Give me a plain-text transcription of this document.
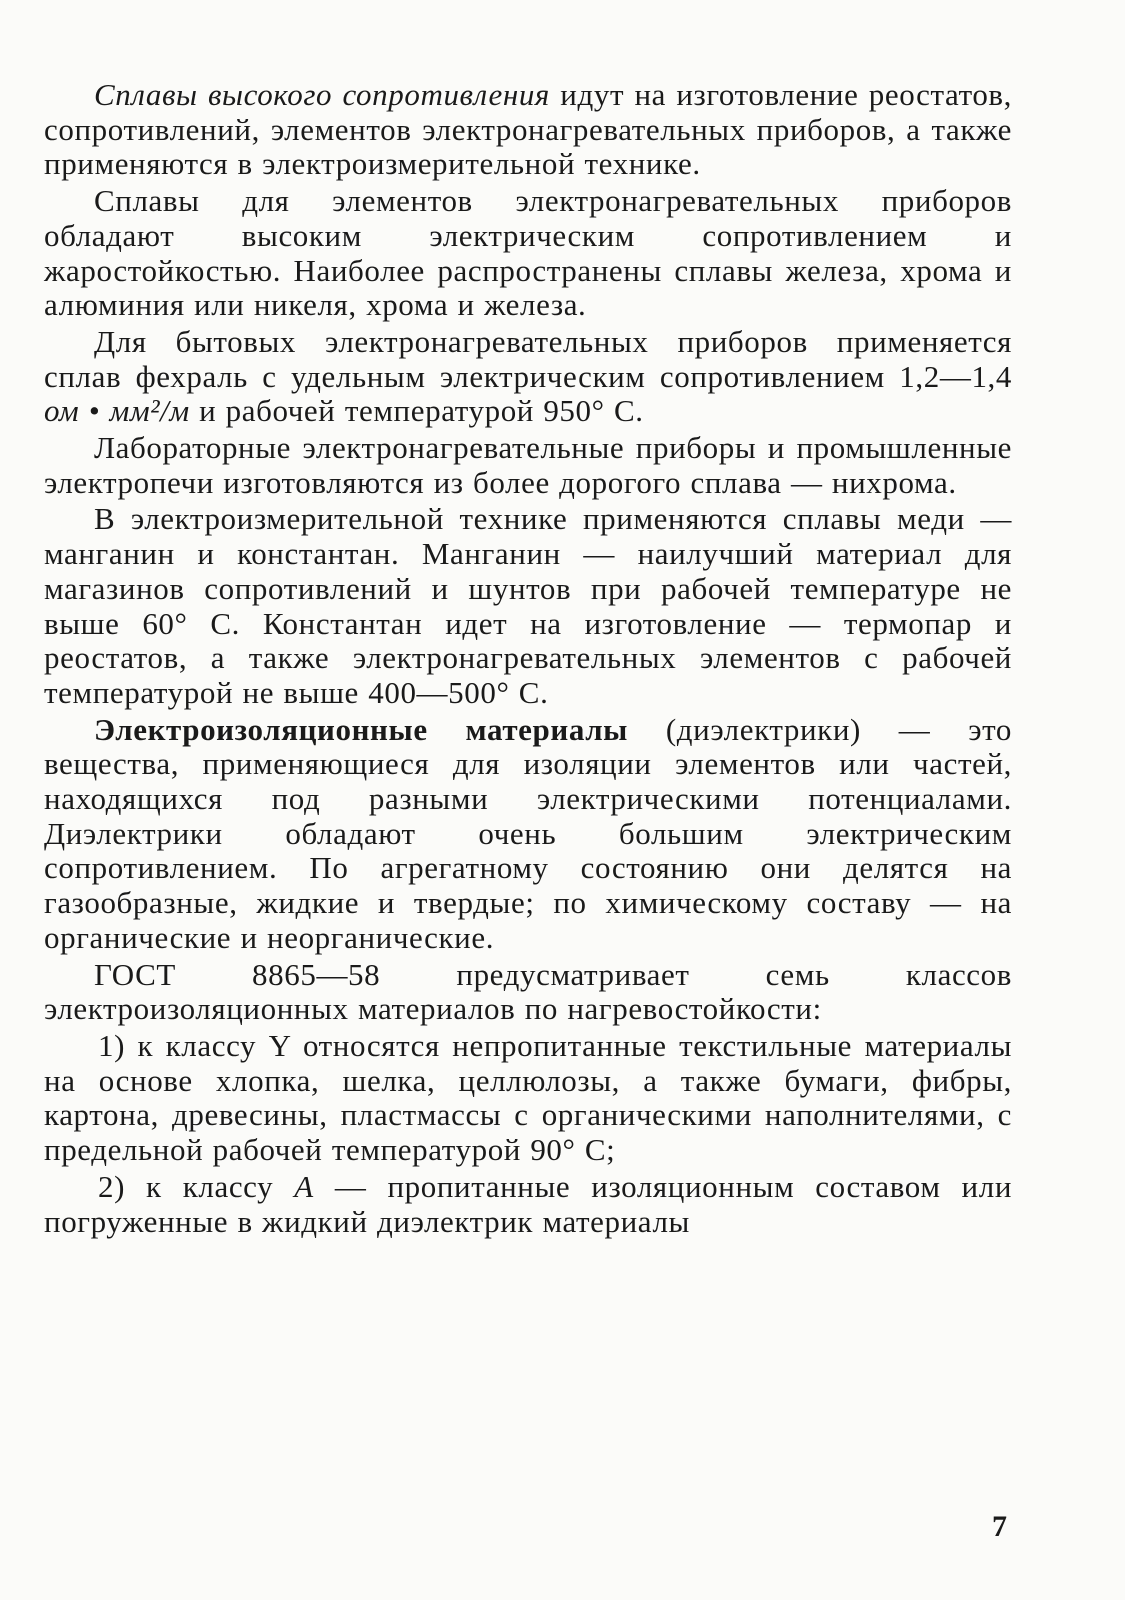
Сплавы высокого сопротивления идут на изготовление реостатов, сопротивлений, элементов электронагревательных приборов, а также применяются в электроизмерительной технике.

Сплавы для элементов электронагревательных приборов обладают высоким электрическим сопротивлением и жаростойкостью. Наиболее распространены сплавы железа, хрома и алюминия или никеля, хрома и железа.

Для бытовых электронагревательных приборов применяется сплав фехраль с удельным электрическим сопротивлением 1,2—1,4 ом • мм²/м и рабочей температурой 950° С.

Лабораторные электронагревательные приборы и промышленные электропечи изготовляются из более дорогого сплава — нихрома.

В электроизмерительной технике применяются сплавы меди — манганин и константан. Манганин — наилучший материал для магазинов сопротивлений и шунтов при рабочей температуре не выше 60° С. Константан идет на изготовление — термопар и реостатов, а также электронагревательных элементов с рабочей температурой не выше 400—500° С.

Электроизоляционные материалы (диэлектрики) — это вещества, применяющиеся для изоляции элементов или частей, находящихся под разными электрическими потенциалами. Диэлектрики обладают очень большим электрическим сопротивлением. По агрегатному состоянию они делятся на газообразные, жидкие и твердые; по химическому составу — на органические и неорганические.

ГОСТ 8865—58 предусматривает семь классов электроизоляционных материалов по нагревостойкости:

1) к классу Y относятся непропитанные текстильные материалы на основе хлопка, шелка, целлюлозы, а также бумаги, фибры, картона, древесины, пластмассы с органическими наполнителями, с предельной рабочей температурой 90° С;

2) к классу А — пропитанные изоляционным составом или погруженные в жидкий диэлектрик материалы

7
